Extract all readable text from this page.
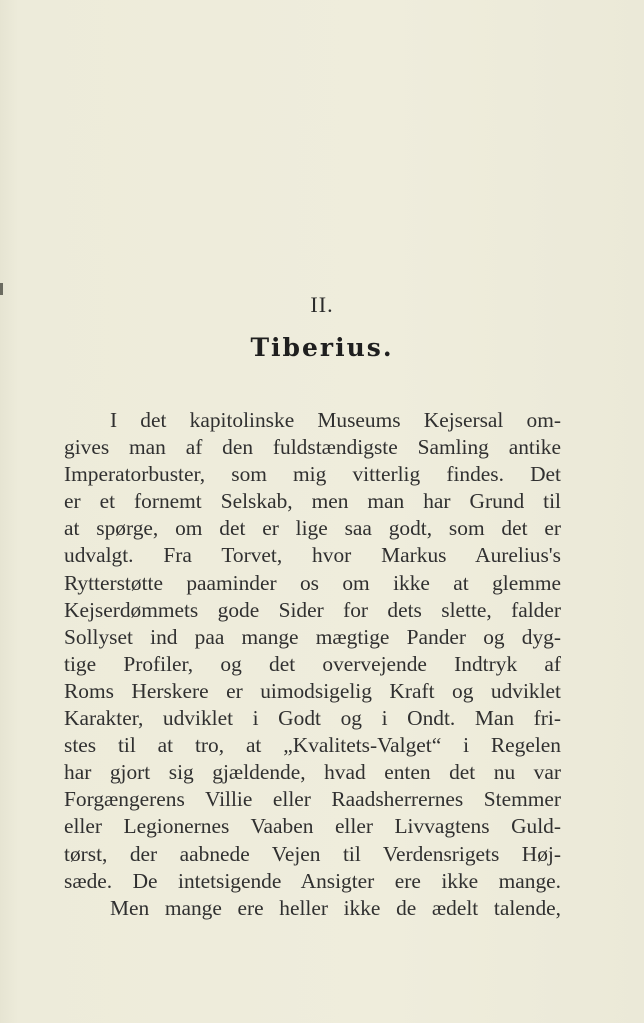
II.
Tiberius.
I det kapitolinske Museums Kejsersal om-
gives man af den fuldstændigste Samling antike
Imperatorbuster, som mig vitterlig findes. Det
er et fornemt Selskab, men man har Grund til
at spørge, om det er lige saa godt, som det er
udvalgt. Fra Torvet, hvor Markus Aurelius's
Rytterstøtte paaminder os om ikke at glemme
Kejserdømmets gode Sider for dets slette, falder
Sollyset ind paa mange mægtige Pander og dyg-
tige Profiler, og det overvejende Indtryk af
Roms Herskere er uimodsigelig Kraft og udviklet
Karakter, udviklet i Godt og i Ondt. Man fri-
stes til at tro, at „Kvalitets-Valget“ i Regelen
har gjort sig gjældende, hvad enten det nu var
Forgængerens Villie eller Raadsherrernes Stemmer
eller Legionernes Vaaben eller Livvagtens Guld-
tørst, der aabnede Vejen til Verdensrigets Høj-
sæde. De intetsigende Ansigter ere ikke mange.
Men mange ere heller ikke de ædelt talende,
